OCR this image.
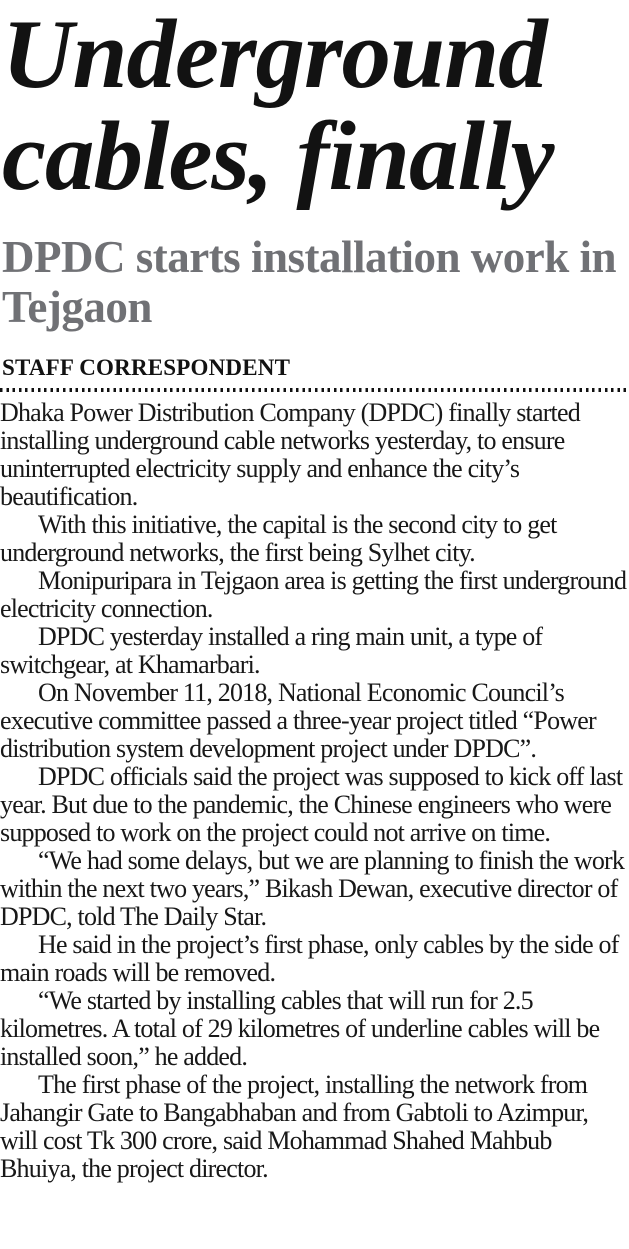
Underground cables, finally
DPDC starts installation work in Tejgaon
STAFF CORRESPONDENT

Dhaka Power Distribution Company (DPDC) finally started installing underground cable networks yesterday, to ensure uninterrupted electricity supply and enhance the city’s beautification.

With this initiative, the capital is the second city to get underground networks, the first being Sylhet city.

Monipuripara in Tejgaon area is getting the first underground electricity connection.

DPDC yesterday installed a ring main unit, a type of switchgear, at Khamarbari.

On November 11, 2018, National Economic Council’s executive committee passed a three-year project titled “Power distribution system development project under DPDC”.

DPDC officials said the project was supposed to kick off last year. But due to the pandemic, the Chinese engineers who were supposed to work on the project could not arrive on time.

“We had some delays, but we are planning to finish the work within the next two years,” Bikash Dewan, executive director of DPDC, told The Daily Star.

He said in the project’s first phase, only cables by the side of main roads will be removed.

“We started by installing cables that will run for 2.5 kilometres. A total of 29 kilometres of underline cables will be installed soon,” he added.

The first phase of the project, installing the network from Jahangir Gate to Bangabhaban and from Gabtoli to Azimpur, will cost Tk 300 crore, said Mohammad Shahed Mahbub Bhuiya, the project director.
